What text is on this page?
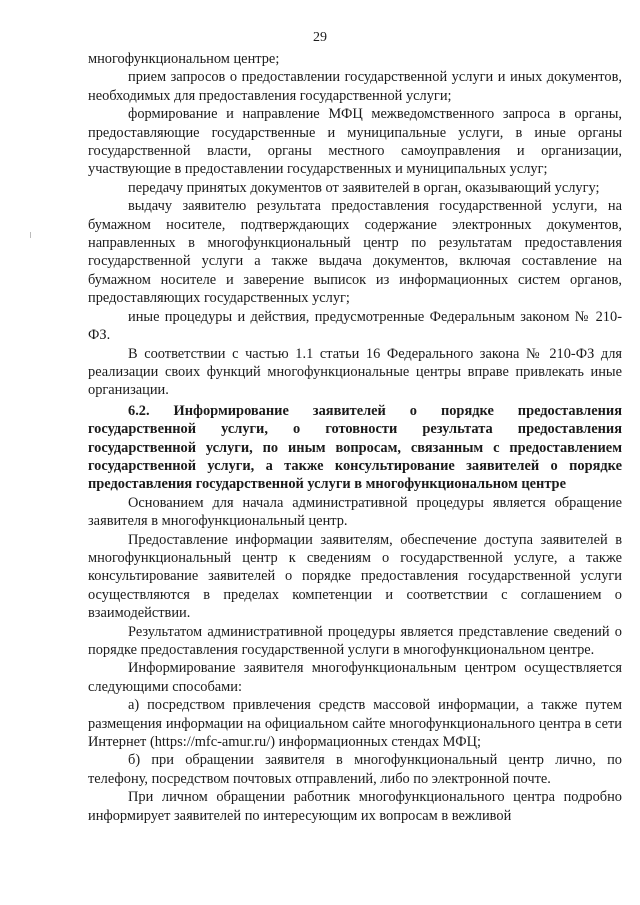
29

многофункциональном центре;

прием запросов о предоставлении государственной услуги и иных документов, необходимых для предоставления государственной услуги;

формирование и направление МФЦ межведомственного запроса в органы, предоставляющие государственные и муниципальные услуги, в иные органы государственной власти, органы местного самоуправления и организации, участвующие в предоставлении государственных и муниципальных услуг;

передачу принятых документов от заявителей в орган, оказывающий услугу;

выдачу заявителю результата предоставления государственной услуги, на бумажном носителе, подтверждающих содержание электронных документов, направленных в многофункциональный центр по результатам предоставления государственной услуги а также выдача документов, включая составление на бумажном носителе и заверение выписок из информационных систем органов, предоставляющих государственных услуг;

иные процедуры и действия, предусмотренные Федеральным законом № 210-ФЗ.

В соответствии с частью 1.1 статьи 16 Федерального закона № 210-ФЗ для реализации своих функций многофункциональные центры вправе привлекать иные организации.

6.2. Информирование заявителей о порядке предоставления государственной услуги, о готовности результата предоставления государственной услуги, по иным вопросам, связанным с предоставлением государственной услуги, а также консультирование заявителей о порядке предоставления государственной услуги в многофункциональном центре

Основанием для начала административной процедуры является обращение заявителя в многофункциональный центр.

Предоставление информации заявителям, обеспечение доступа заявителей в многофункциональный центр к сведениям о государственной услуге, а также консультирование заявителей о порядке предоставления государственной услуги осуществляются в пределах компетенции и соответствии с соглашением о взаимодействии.

Результатом административной процедуры является представление сведений о порядке предоставления государственной услуги в многофункциональном центре.

Информирование заявителя многофункциональным центром осуществляется следующими способами:

а) посредством привлечения средств массовой информации, а также путем размещения информации на официальном сайте многофункционального центра в сети Интернет (https://mfc-amur.ru/) информационных стендах МФЦ;

б) при обращении заявителя в многофункциональный центр лично, по телефону, посредством почтовых отправлений, либо по электронной почте.

При личном обращении работник многофункционального центра подробно информирует заявителей по интересующим их вопросам в вежливой
